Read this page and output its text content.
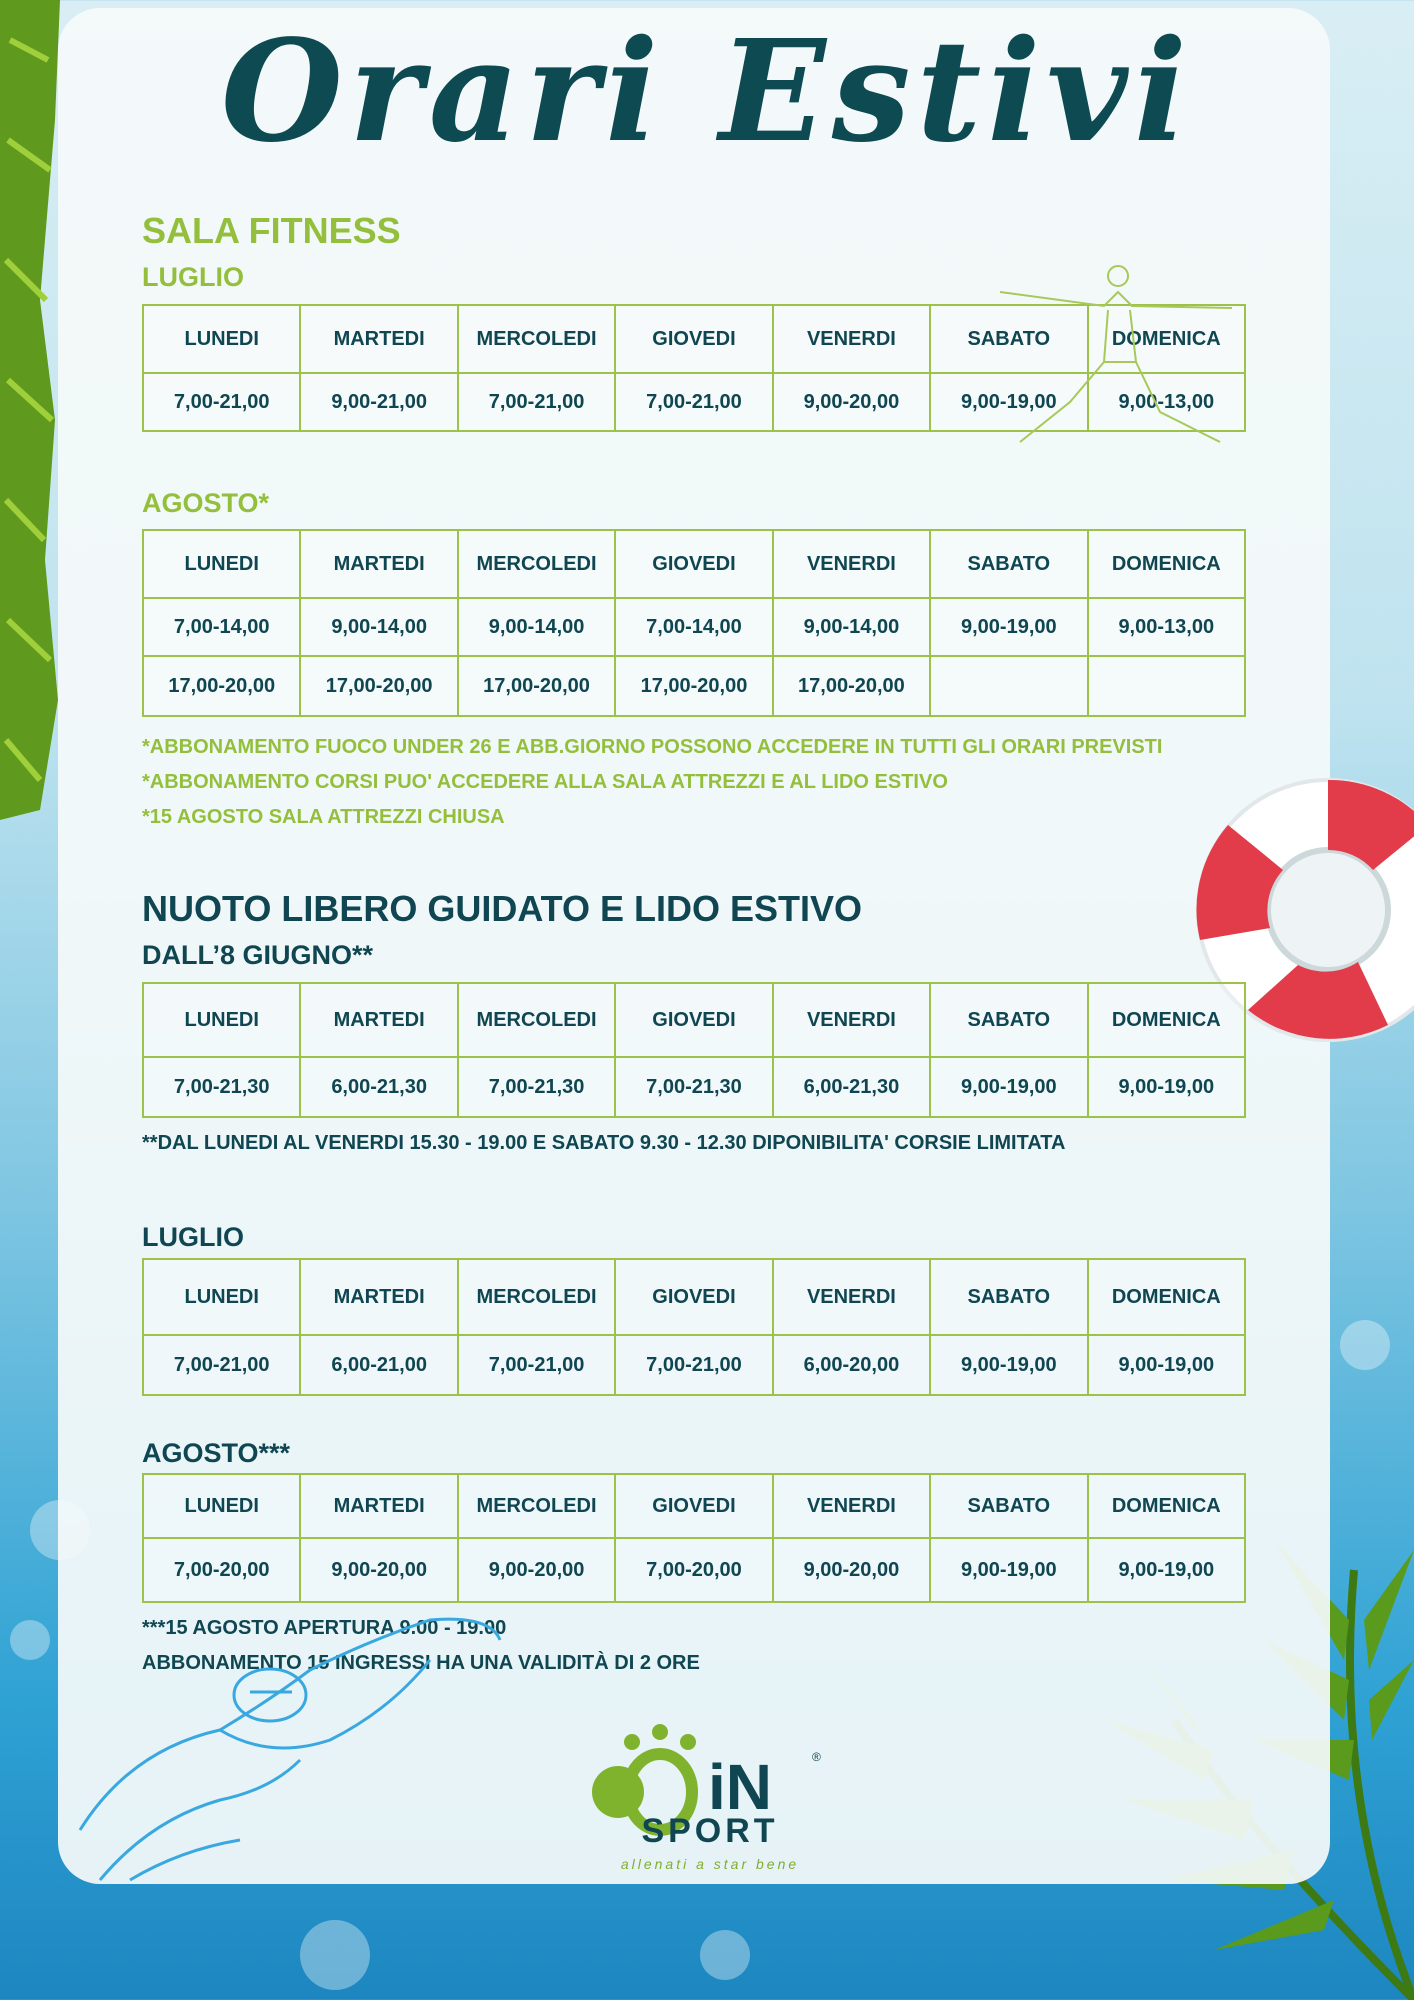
Orari Estivi
SALA FITNESS
LUGLIO
LUNEDI	MARTEDI	MERCOLEDI	GIOVEDI	VENERDI	SABATO	DOMENICA
7,00-21,00	9,00-21,00	7,00-21,00	7,00-21,00	9,00-20,00	9,00-19,00	9,00-13,00
AGOSTO*
LUNEDI	MARTEDI	MERCOLEDI	GIOVEDI	VENERDI	SABATO	DOMENICA
7,00-14,00	9,00-14,00	9,00-14,00	7,00-14,00	9,00-14,00	9,00-19,00	9,00-13,00
17,00-20,00	17,00-20,00	17,00-20,00	17,00-20,00	17,00-20,00		
*ABBONAMENTO FUOCO UNDER 26 E ABB.GIORNO POSSONO ACCEDERE IN TUTTI GLI ORARI PREVISTI
*ABBONAMENTO CORSI PUO' ACCEDERE ALLA SALA ATTREZZI E AL LIDO ESTIVO
*15 AGOSTO SALA ATTREZZI CHIUSA
NUOTO LIBERO GUIDATO E LIDO ESTIVO
DALL’8 GIUGNO**
LUNEDI	MARTEDI	MERCOLEDI	GIOVEDI	VENERDI	SABATO	DOMENICA
7,00-21,30	6,00-21,30	7,00-21,30	7,00-21,30	6,00-21,30	9,00-19,00	9,00-19,00
**DAL LUNEDI AL VENERDI 15.30 - 19.00 E SABATO 9.30 - 12.30 DIPONIBILITA' CORSIE LIMITATA
LUGLIO
LUNEDI	MARTEDI	MERCOLEDI	GIOVEDI	VENERDI	SABATO	DOMENICA
7,00-21,00	6,00-21,00	7,00-21,00	7,00-21,00	6,00-20,00	9,00-19,00	9,00-19,00
AGOSTO***
LUNEDI	MARTEDI	MERCOLEDI	GIOVEDI	VENERDI	SABATO	DOMENICA
7,00-20,00	9,00-20,00	9,00-20,00	7,00-20,00	9,00-20,00	9,00-19,00	9,00-19,00
***15 AGOSTO APERTURA 9.00 - 19.00
ABBONAMENTO 15 INGRESSI HA UNA VALIDITÀ DI 2 ORE
iN	®
SPORT
allenati a star bene
